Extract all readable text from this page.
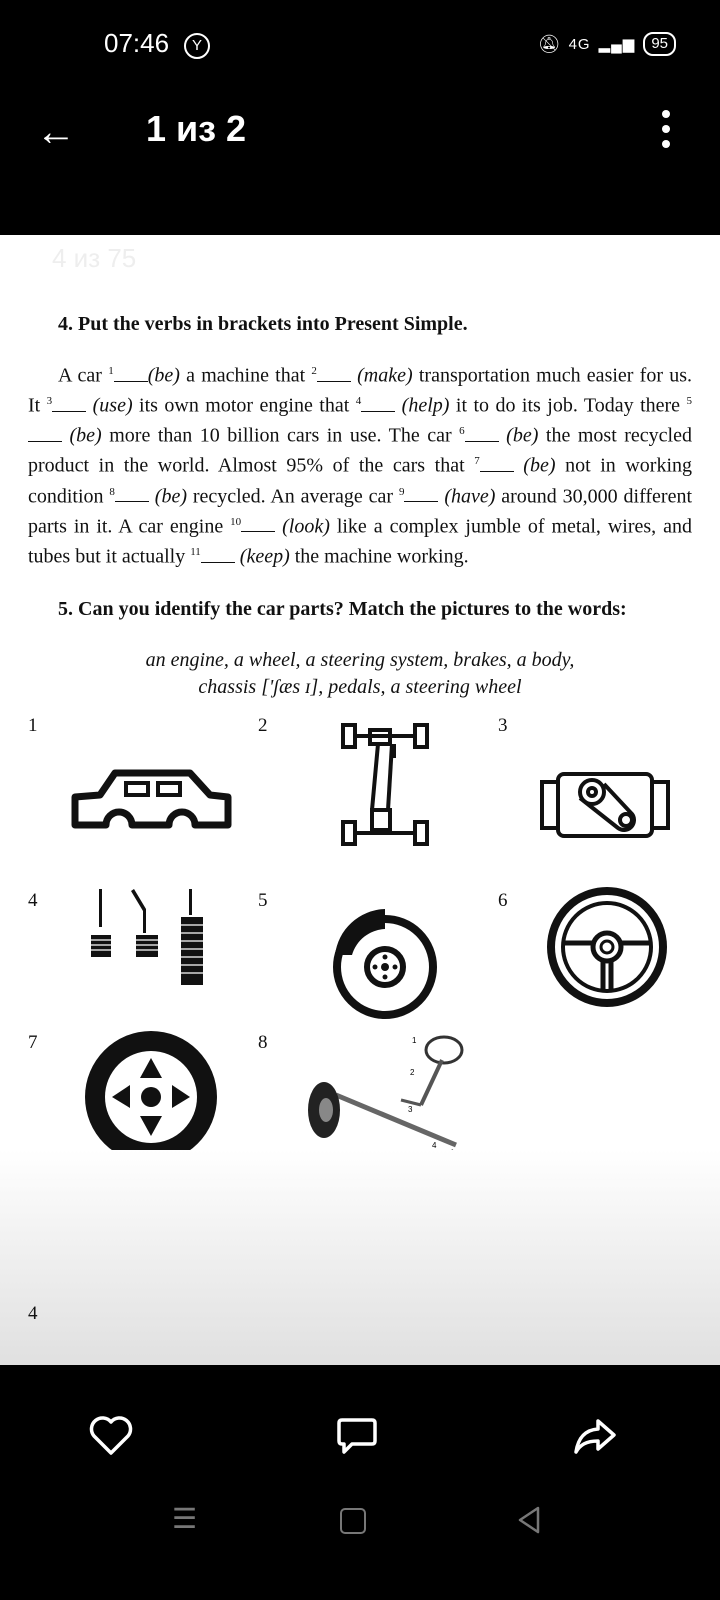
07:46	Y	🔕︎ 4G ▂▄▆	95
← 1 из 2
4 из 75
4. Put the verbs in brackets into Present Simple.

A car $^1$ (be) a machine that $^2$ (make) transportation much easier for us. It $^3$ (use) its own motor engine that $^4$ (help) it to do its job. Today there $^5$ (be) more than 10 billion cars in use. The car $^6$ (be) the most recycled product in the world. Almost 95% of the cars that $^7$ (be) not in working condition $^8$ (be) recycled. An average car $^9$ (have) around 30,000 different parts in it. A car engine $^{10}$ (look) like a complex jumble of metal, wires, and tubes but it actually $^{11}$ (keep) the machine working.

5. Can you identify the car parts? Match the pictures to the words:
an engine, a wheel, a steering system, brakes, a body,
chassis ['ʃæs ɪ], pedals, a steering wheel
1	2	3
4	5	6
7	8	1
2
3
4
4
☰
